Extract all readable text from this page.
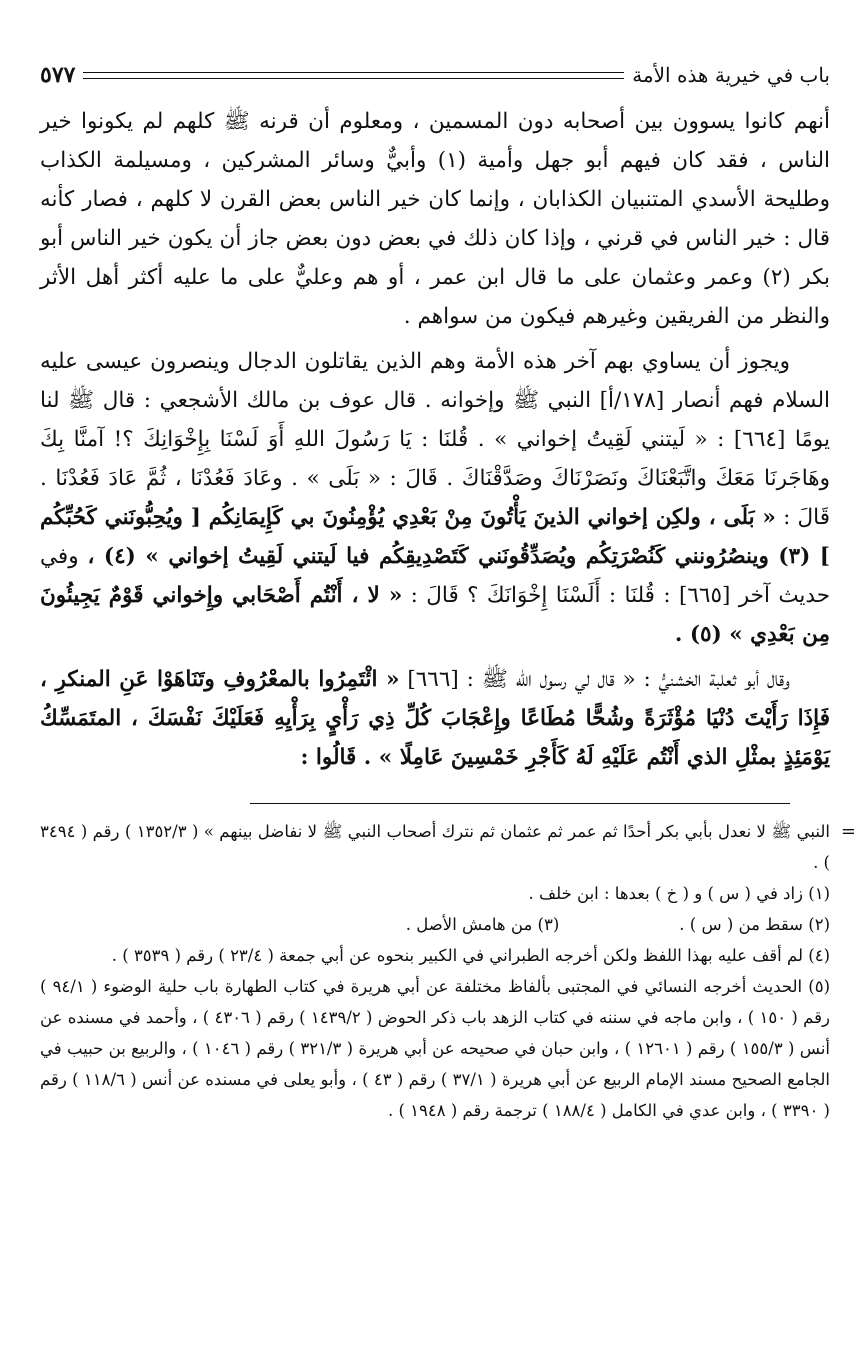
باب في خيرية هذه الأمة
٥٧٧

أنهم كانوا يسوون بين أصحابه دون المسمين ، ومعلوم أن قرنه ﷺ كلهم لم يكونوا خير الناس ، فقد كان فيهم أبو جهل وأمية (١) وأبيٌّ وسائر المشركين ، ومسيلمة الكذاب وطليحة الأسدي المتنبيان الكذابان ، وإنما كان خير الناس بعض القرن لا كلهم ، فصار كأنه قال : خير الناس في قرني ، وإذا كان ذلك في بعض دون بعض جاز أن يكون خير الناس أبو بكر (٢) وعمر وعثمان على ما قال ابن عمر ، أو هم وعليٌّ على ما عليه أكثر أهل الأثر والنظر من الفريقين وغيرهم فيكون من سواهم .

ويجوز أن يساوي بهم آخر هذه الأمة وهم الذين يقاتلون الدجال وينصرون عيسى عليه السلام فهم أنصار [١٧٨/أ] النبي ﷺ وإخوانه . قال عوف بن مالك الأشجعي : قال ﷺ لنا يومًا [٦٦٤] : « لَيتني لَقِيتُ إخواني » . قُلنَا : يَا رَسُولَ اللهِ أَوَ لَسْنَا بِإِخْوَانِكَ ؟! آمنَّا بِكَ وهَاجَرنَا مَعَكَ واتَّبَعْنَاكَ ونَصَرْنَاكَ وصَدَّقْنَاكَ . قَالَ : « بَلَى » . وعَادَ فَعُدْنَا ، ثُمَّ عَادَ فَعُدْنَا . قَالَ : « بَلَى ، ولكِن إخواني الذينَ يَأْتُونَ مِنْ بَعْدِي يُؤْمِنُونَ بي كَإِيمَانِكُم [ ويُحِبُّونَني كَحُبِّكُم ] (٣) وينصُرُونني كَنُصْرَتِكُم ويُصَدِّقُونَني كَتَصْدِيقِكُم فيا لَيتني لَقِيتُ إخواني » (٤) ، وفي حديث آخر [٦٦٥] : قُلنَا : أَلَسْنَا إِخْوَانَكَ ؟ قَالَ : « لا ، أَنْتُم أَصْحَابي وإِخواني قَوْمٌ يَجِيئُونَ مِن بَعْدِي » (٥) .

وقال أبو ثعلبة الخشنيُّ : « قال لي رسول الله ﷺ : [٦٦٦] « ائْتَمِرُوا بالمعْرُوفِ وتَنَاهَوْا عَنِ المنكرِ ، فَإِذَا رَأَيْتَ دُنْيَا مُؤْثَرَةً وشُحًّا مُطَاعًا وإِعْجَابَ كُلِّ ذِي رَأْيٍ بِرَأْيِهِ فَعَلَيْكَ نَفْسَكَ ، المتَمَسِّكُ يَوْمَئِذٍ بمثْلِ الذي أَنْتُم عَلَيْهِ لَهُ كَأَجْرِ خَمْسِينَ عَامِلًا » . قَالُوا :

=

النبي ﷺ لا نعدل بأبي بكر أحدًا ثم عمر ثم عثمان ثم نترك أصحاب النبي ﷺ لا نفاضل بينهم » ( ١٣٥٢/٣ ) رقم ( ٣٤٩٤ ) .

(١) زاد في ( س ) و ( خ ) بعدها : ابن خلف .

(٢) سقط من ( س ) .
(٣) من هامش الأصل .

(٤) لم أقف عليه بهذا اللفظ ولكن أخرجه الطبراني في الكبير بنحوه عن أبي جمعة ( ٢٣/٤ ) رقم ( ٣٥٣٩ ) .

(٥) الحديث أخرجه النسائي في المجتبى بألفاظ مختلفة عن أبي هريرة في كتاب الطهارة باب حلية الوضوء ( ٩٤/١ ) رقم ( ١٥٠ ) ، وابن ماجه في سننه في كتاب الزهد باب ذكر الحوض ( ١٤٣٩/٢ ) رقم ( ٤٣٠٦ ) ، وأحمد في مسنده عن أنس ( ١٥٥/٣ ) رقم ( ١٢٦٠١ ) ، وابن حبان في صحيحه عن أبي هريرة ( ٣٢١/٣ ) رقم ( ١٠٤٦ ) ، والربيع بن حبيب في الجامع الصحيح مسند الإمام الربيع عن أبي هريرة ( ٣٧/١ ) رقم ( ٤٣ ) ، وأبو يعلى في مسنده عن أنس ( ١١٨/٦ ) رقم ( ٣٣٩٠ ) ، وابن عدي في الكامل ( ١٨٨/٤ ) ترجمة رقم ( ١٩٤٨ ) .
